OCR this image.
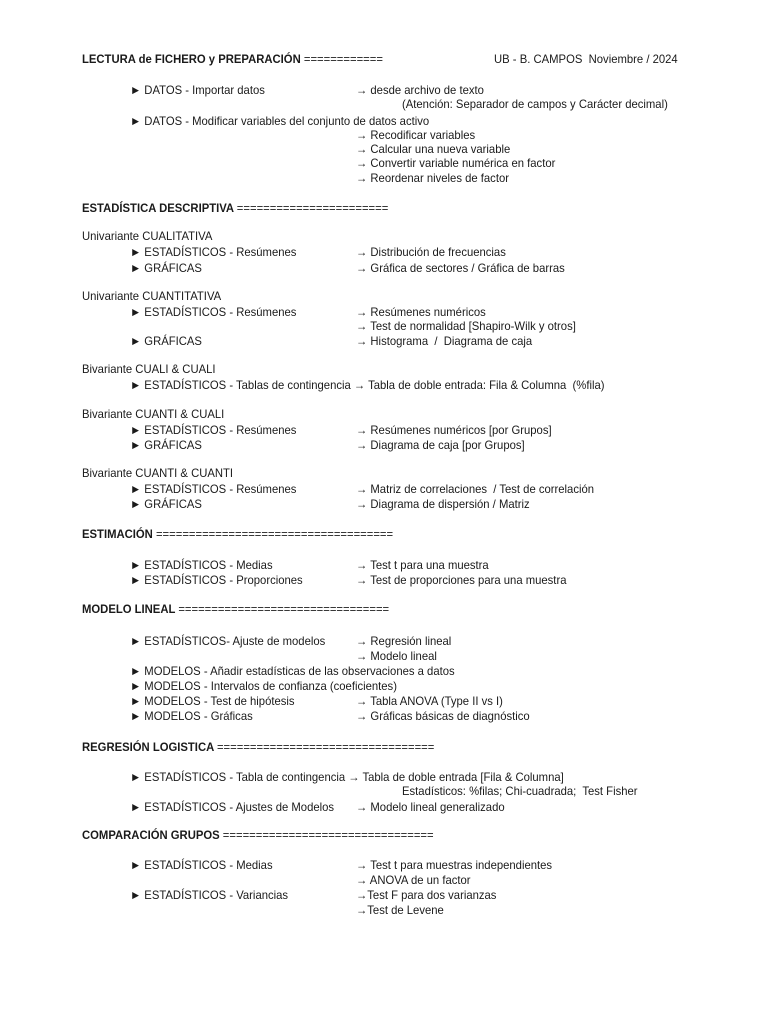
LECTURA de FICHERO y PREPARACIÓN ============	UB - B. CAMPOS  Noviembre / 2024
► DATOS - Importar datos	→ desde archivo de texto
(Atención: Separador de campos y Carácter decimal)
► DATOS - Modificar variables del conjunto de datos activo
→ Recodificar variables
→ Calcular una nueva variable
→ Convertir variable numérica en factor
→ Reordenar niveles de factor
ESTADÍSTICA DESCRIPTIVA =======================
Univariante CUALITATIVA
► ESTADÍSTICOS - Resúmenes	→ Distribución de frecuencias
► GRÁFICAS	→ Gráfica de sectores / Gráfica de barras
Univariante CUANTITATIVA
► ESTADÍSTICOS - Resúmenes	→ Resúmenes numéricos
→ Test de normalidad [Shapiro-Wilk y otros]
► GRÁFICAS	→ Histograma  /  Diagrama de caja
Bivariante CUALI & CUALI
► ESTADÍSTICOS - Tablas de contingencia → Tabla de doble entrada: Fila & Columna  (%fila)
Bivariante CUANTI & CUALI
► ESTADÍSTICOS - Resúmenes	→ Resúmenes numéricos [por Grupos]
► GRÁFICAS	→ Diagrama de caja [por Grupos]
Bivariante CUANTI & CUANTI
► ESTADÍSTICOS - Resúmenes	→ Matriz de correlaciones  / Test de correlación
► GRÁFICAS	→ Diagrama de dispersión / Matriz
ESTIMACIÓN ====================================
► ESTADÍSTICOS - Medias	→ Test t para una muestra
► ESTADÍSTICOS - Proporciones	→ Test de proporciones para una muestra
MODELO LINEAL ================================
► ESTADÍSTICOS- Ajuste de modelos	→ Regresión lineal
→ Modelo lineal
► MODELOS - Añadir estadísticas de las observaciones a datos
► MODELOS - Intervalos de confianza (coeficientes)
► MODELOS - Test de hipótesis	→ Tabla ANOVA (Type II vs I)
► MODELOS - Gráficas	→ Gráficas básicas de diagnóstico
REGRESIÓN LOGISTICA =================================
► ESTADÍSTICOS - Tabla de contingencia → Tabla de doble entrada [Fila & Columna]
Estadísticos: %filas; Chi-cuadrada;  Test Fisher
► ESTADÍSTICOS - Ajustes de Modelos → Modelo lineal generalizado
COMPARACIÓN GRUPOS ================================
► ESTADÍSTICOS - Medias	→ Test t para muestras independientes
→ ANOVA de un factor
► ESTADÍSTICOS - Variancias	→Test F para dos varianzas
→Test de Levene
